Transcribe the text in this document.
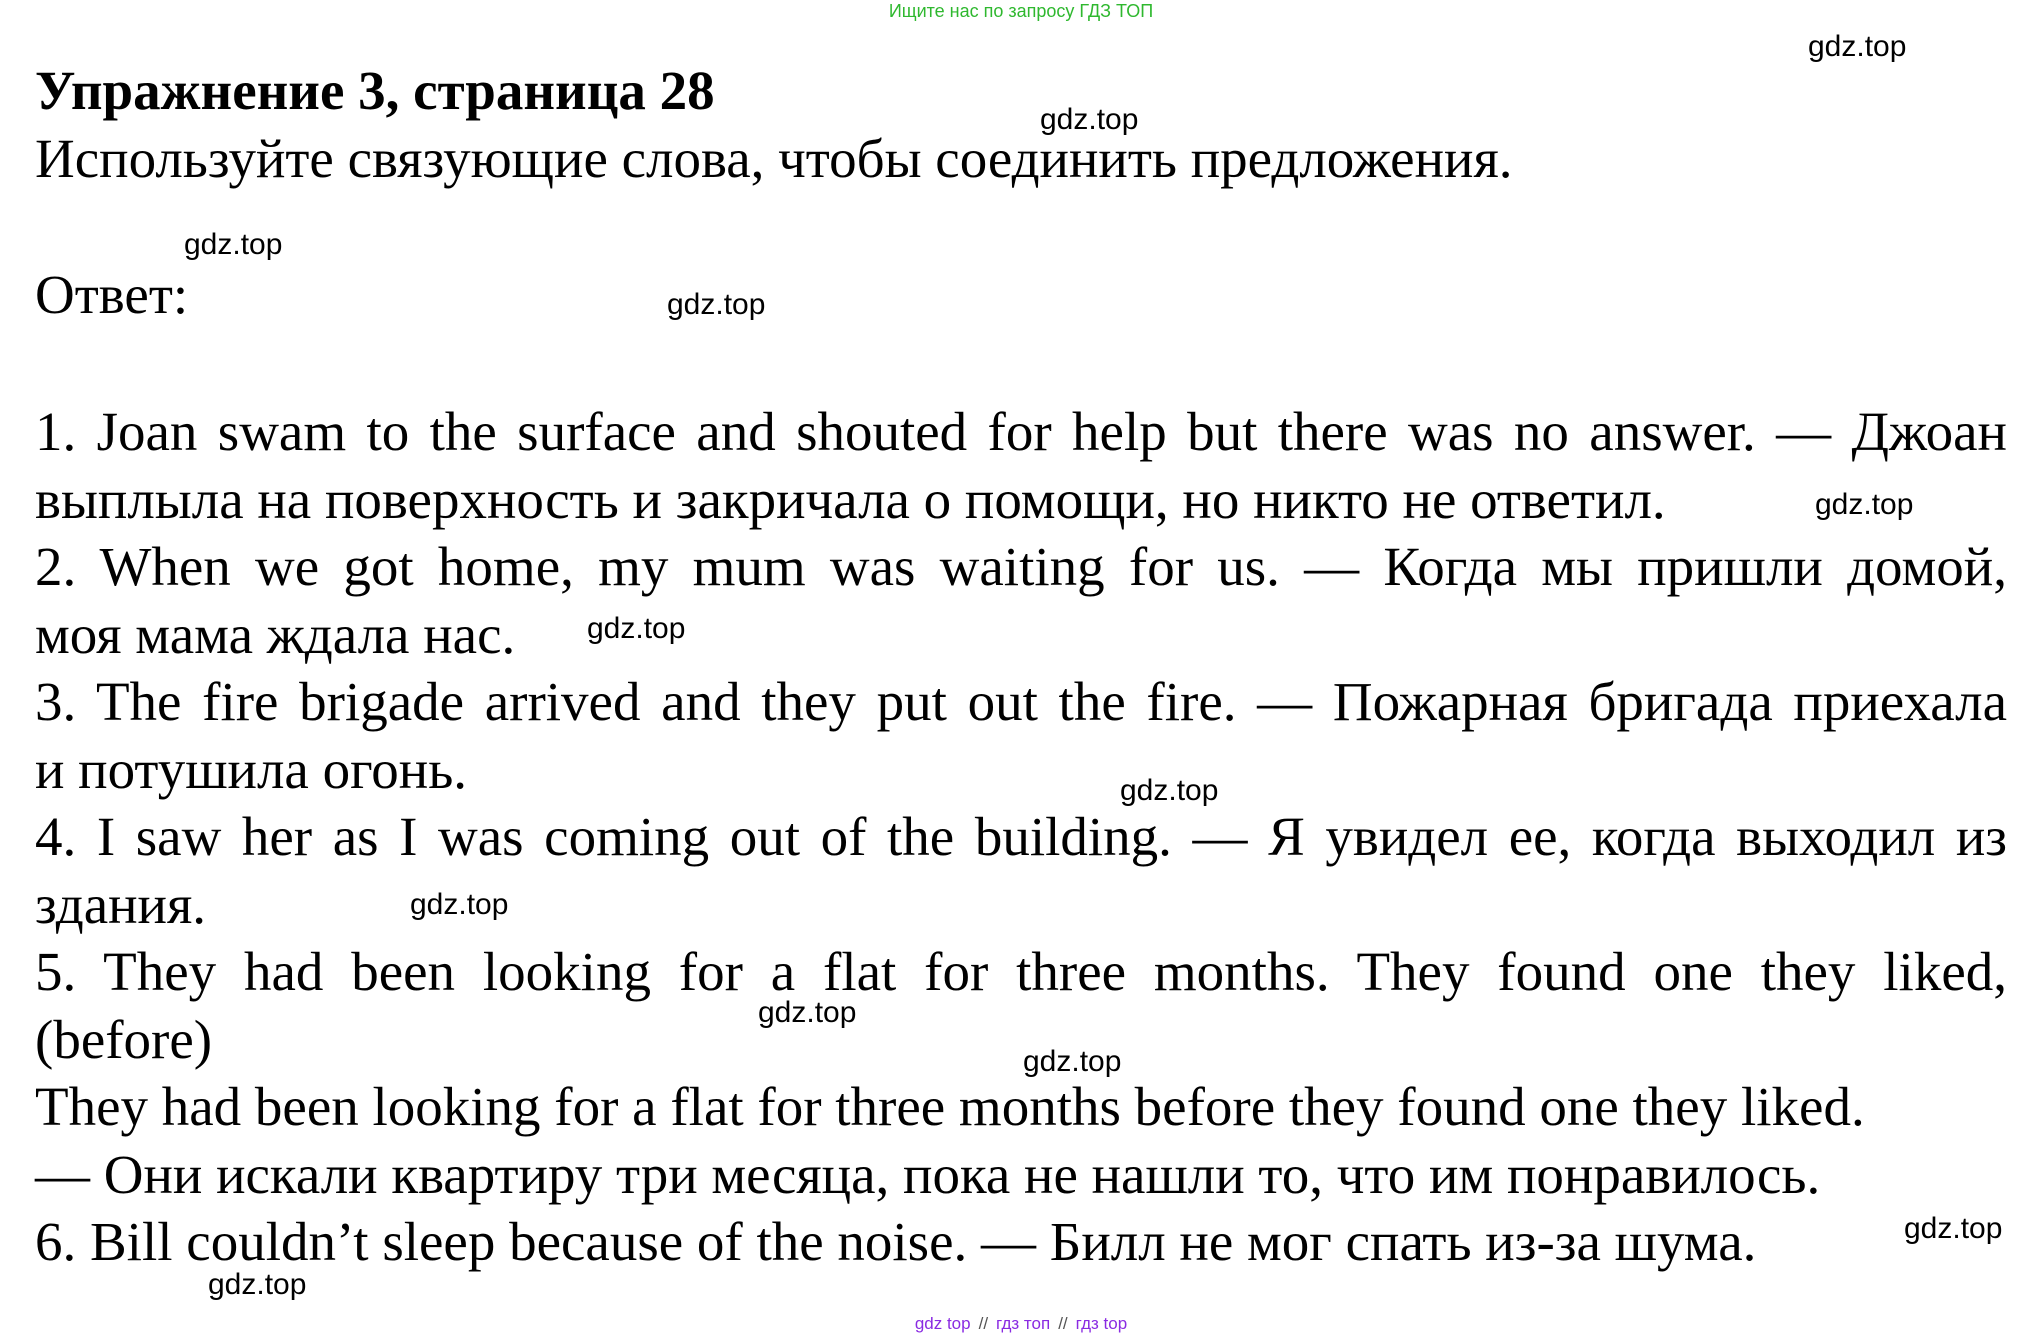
Ищите нас по запросу ГДЗ ТОП
Упражнение 3, страница 28
Используйте связующие слова, чтобы соединить предложения.
Ответ:
1. Joan swam to the surface and shouted for help but there was no answer. — Джоан
выплыла на поверхность и закричала о помощи, но никто не ответил.
2. When we got home, my mum was waiting for us. — Когда мы пришли домой,
моя мама ждала нас.
3. The fire brigade arrived and they put out the fire. — Пожарная бригада приехала
и потушила огонь.
4. I saw her as I was coming out of the building. — Я увидел ее, когда выходил из
здания.
5. They had been looking for a flat for three months. They found one they liked,
(before)
They had been looking for a flat for three months before they found one they liked.
— Они искали квартиру три месяца, пока не нашли то, что им понравилось.
6. Bill couldn’t sleep because of the noise. — Билл не мог спать из-за шума.
gdz.top
gdz.top
gdz.top
gdz.top
gdz.top
gdz.top
gdz.top
gdz.top
gdz.top
gdz.top
gdz.top
gdz.top
gdz top // гдз топ // гдз top
